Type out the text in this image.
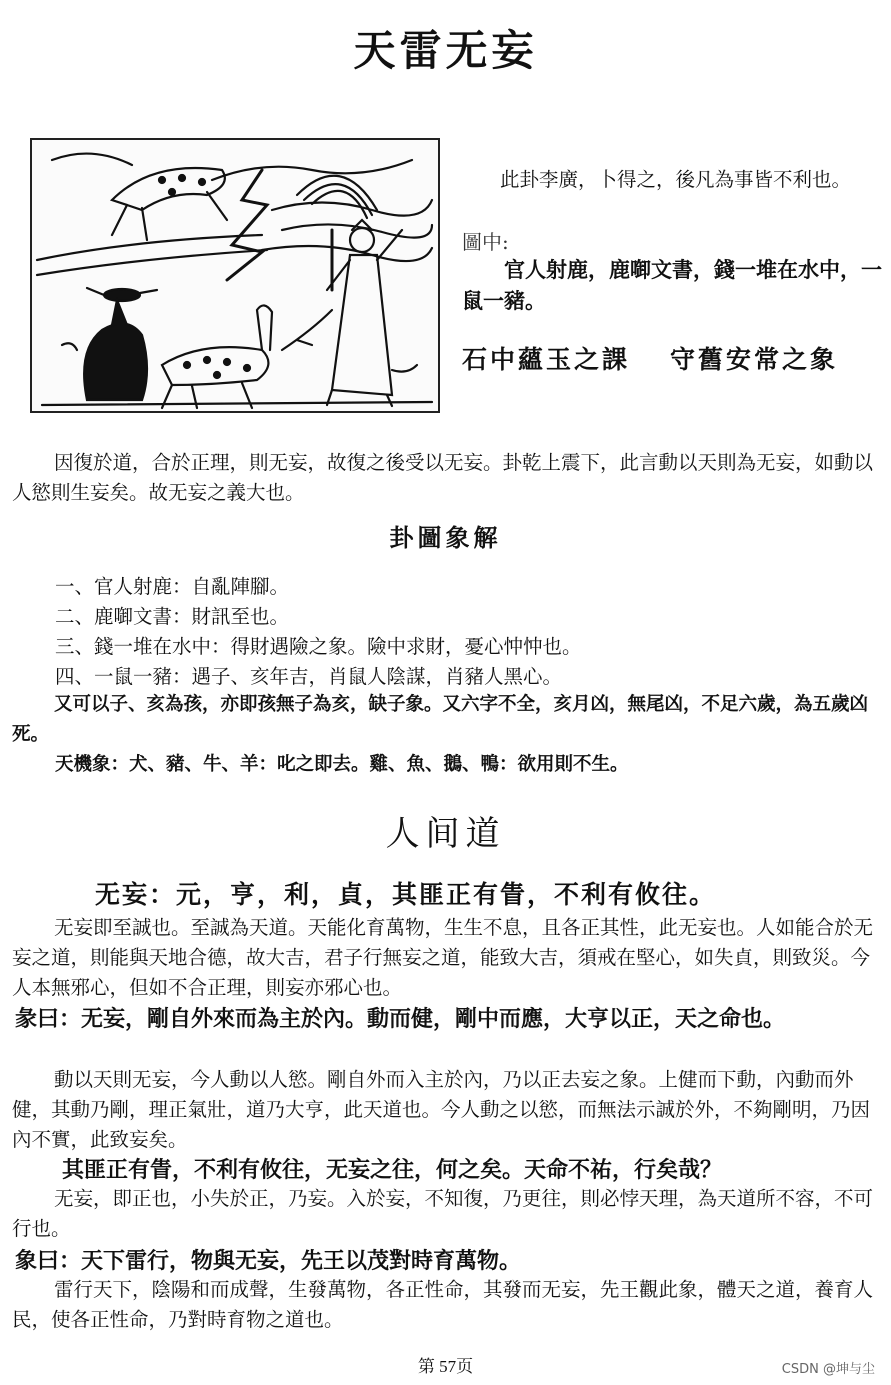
天雷无妄
此卦李廣，卜得之，後凡為事皆不利也。
圖中:
官人射鹿，鹿啣文書，錢一堆在水中，一鼠一豬。
石中蘊玉之課 守舊安常之象
因復於道，合於正理，則无妄，故復之後受以无妄。卦乾上震下，此言動以天則為无妄，如動以人慾則生妄矣。故无妄之義大也。
卦圖象解
一、官人射鹿：自亂陣腳。
二、鹿啣文書：財訊至也。
三、錢一堆在水中：得財遇險之象。險中求財，憂心忡忡也。
四、一鼠一豬：遇子、亥年吉，肖鼠人陰謀，肖豬人黑心。
又可以子、亥為孩，亦即孩無子為亥，缺子象。又六字不全，亥月凶，無尾凶，不足六歲，為五歲凶死。
天機象：犬、豬、牛、羊：叱之即去。雞、魚、鵝、鴨：欲用則不生。
人间道
无妄：元，亨，利，貞，其匪正有眚，不利有攸往。
无妄即至誠也。至誠為天道。天能化育萬物，生生不息，且各正其性，此无妄也。人如能合於无妄之道，則能與天地合德，故大吉，君子行無妄之道，能致大吉，須戒在堅心，如失貞，則致災。今人本無邪心，但如不合正理，則妄亦邪心也。
彖曰：无妄，剛自外來而為主於內。動而健，剛中而應，大亨以正，天之命也。
動以天則无妄，今人動以人慾。剛自外而入主於內，乃以正去妄之象。上健而下動，內動而外健，其動乃剛，理正氣壯，道乃大亨，此天道也。今人動之以慾，而無法示誠於外，不夠剛明，乃因內不實，此致妄矣。
其匪正有眚，不利有攸往，无妄之往，何之矣。天命不祐，行矣哉？
无妄，即正也，小失於正，乃妄。入於妄，不知復，乃更往，則必悖天理，為天道所不容，不可行也。
象曰：天下雷行，物與无妄，先王以茂對時育萬物。
雷行天下，陰陽和而成聲，生發萬物，各正性命，其發而无妄，先王觀此象，體天之道，養育人民，使各正性命，乃對時育物之道也。
第 57页	CSDN @坤与尘
